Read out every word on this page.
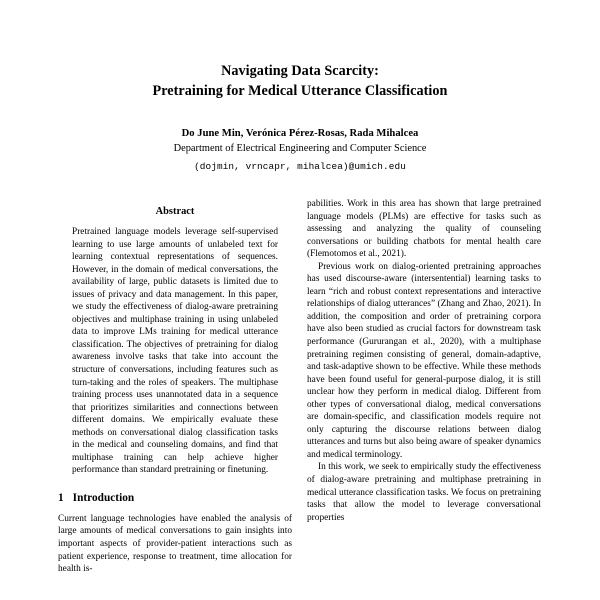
Navigating Data Scarcity:
Pretraining for Medical Utterance Classification
Do June Min, Verónica Pérez-Rosas, Rada Mihalcea
Department of Electrical Engineering and Computer Science
(dojmin, vrncapr, mihalcea)@umich.edu
Abstract

Pretrained language models leverage self-supervised learning to use large amounts of unlabeled text for learning contextual representations of sequences. However, in the domain of medical conversations, the availability of large, public datasets is limited due to issues of privacy and data management. In this paper, we study the effectiveness of dialog-aware pretraining objectives and multiphase training in using unlabeled data to improve LMs training for medical utterance classification. The objectives of pretraining for dialog awareness involve tasks that take into account the structure of conversations, including features such as turn-taking and the roles of speakers. The multiphase training process uses unannotated data in a sequence that prioritizes similarities and connections between different domains. We empirically evaluate these methods on conversational dialog classification tasks in the medical and counseling domains, and find that multiphase training can help achieve higher performance than standard pretraining or finetuning.

1 Introduction

Current language technologies have enabled the analysis of large amounts of medical conversations to gain insights into important aspects of provider-patient interactions such as patient experience, response to treatment, time allocation for health is-

pabilities. Work in this area has shown that large pretrained language models (PLMs) are effective for tasks such as assessing and analyzing the quality of counseling conversations or building chatbots for mental health care (Flemotomos et al., 2021).

Previous work on dialog-oriented pretraining approaches has used discourse-aware (intersentential) learning tasks to learn “rich and robust context representations and interactive relationships of dialog utterances” (Zhang and Zhao, 2021). In addition, the composition and order of pretraining corpora have also been studied as crucial factors for downstream task performance (Gururangan et al., 2020), with a multiphase pretraining regimen consisting of general, domain-adaptive, and task-adaptive shown to be effective. While these methods have been found useful for general-purpose dialog, it is still unclear how they perform in medical dialog. Different from other types of conversational dialog, medical conversations are domain-specific, and classification models require not only capturing the discourse relations between dialog utterances and turns but also being aware of speaker dynamics and medical terminology.

In this work, we seek to empirically study the effectiveness of dialog-aware pretraining and multiphase pretraining in medical utterance classification tasks. We focus on pretraining tasks that allow the model to leverage conversational properties
